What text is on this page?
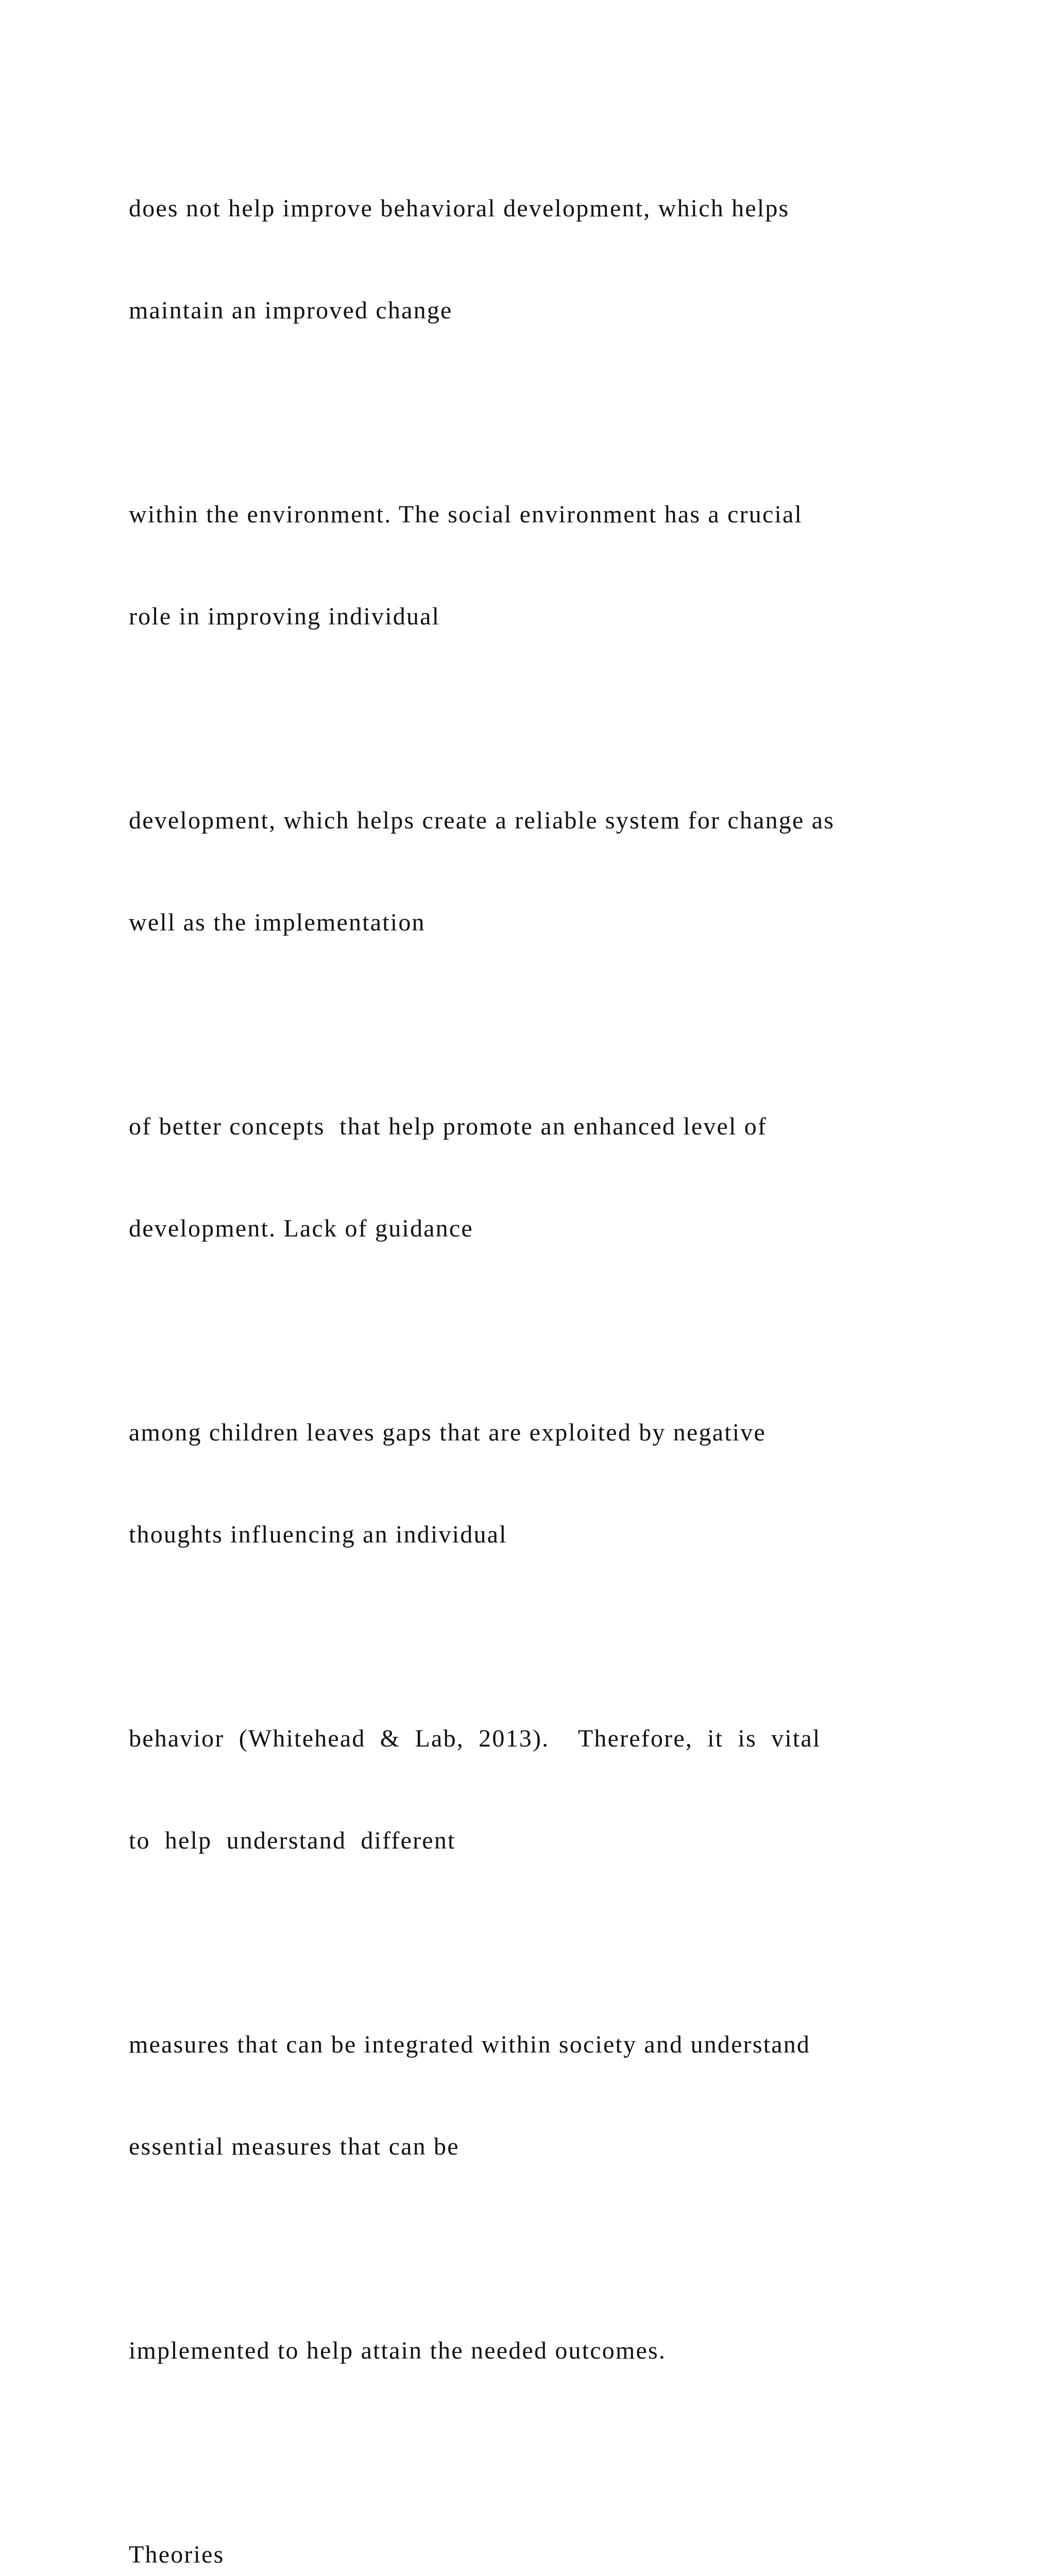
does not help improve behavioral development, which helps

maintain an improved change

within the environment. The social environment has a crucial

role in improving individual

development, which helps create a reliable system for change as

well as the implementation

of better concepts  that help promote an enhanced level of

development. Lack of guidance

among children leaves gaps that are exploited by negative

thoughts influencing an individual

behavior (Whitehead & Lab, 2013).  Therefore, it is vital

to help understand different

measures that can be integrated within society and understand

essential measures that can be

implemented to help attain the needed outcomes.

Theories
